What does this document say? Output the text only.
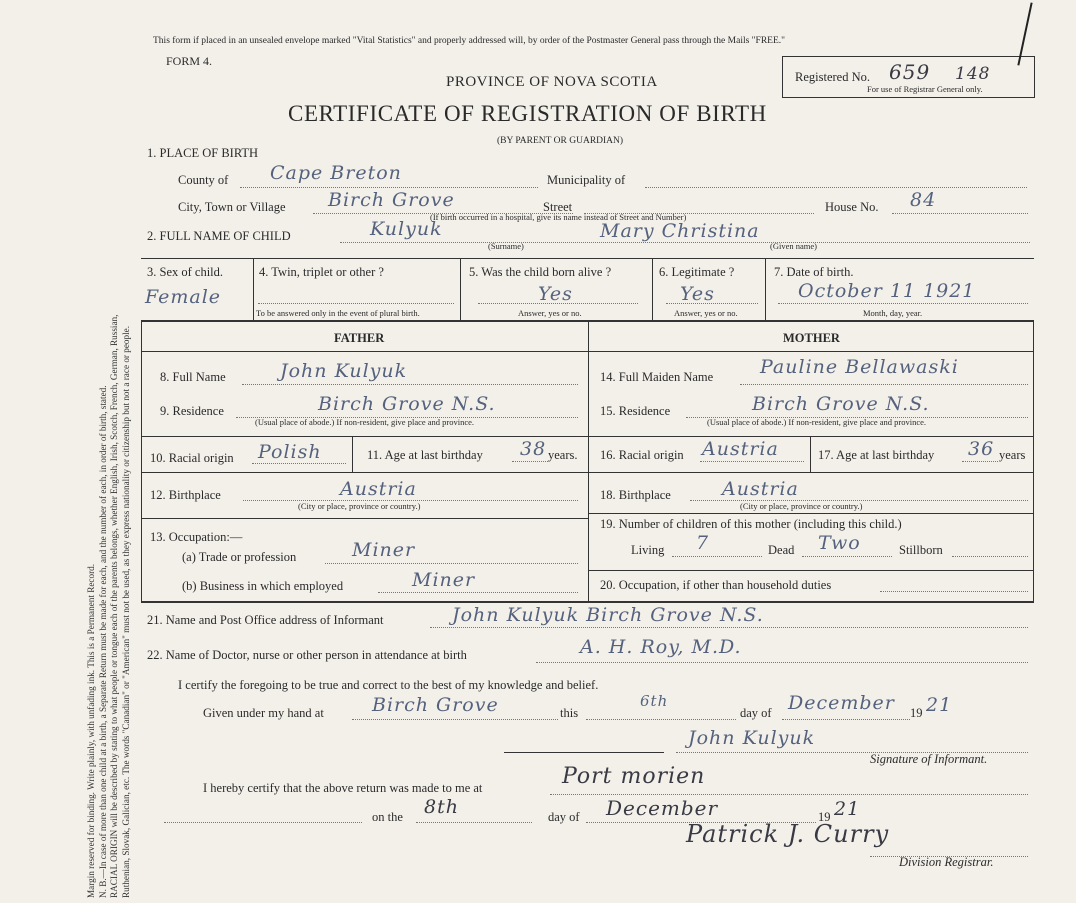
Margin reserved for binding. Write plainly, with unfading ink. This is a Permanent Record. N. B.—In case of more than one child at a birth, a Separate Return must be made for each, and the number of each, in order of birth, stated. RACIAL ORIGIN will be described by stating to what people or tongue each of the parents belongs, whether English, Irish, Scotch, French, German, Russian, Ruthenian, Slovak, Galician, etc. The words "Canadian" or "American" must not be used, as they express nationality or citizenship but not a race or people.
This form if placed in an unsealed envelope marked "Vital Statistics" and properly addressed will, by order of the Postmaster General pass through the Mails "FREE."
FORM 4.
PROVINCE OF NOVA SCOTIA
CERTIFICATE OF REGISTRATION OF BIRTH
(BY PARENT OR GUARDIAN)
Registered No. 659 148
For use of Registrar General only.
1. PLACE OF BIRTH
County of Cape Breton	Municipality of
City, Town or Village Birch Grove	Street	House No. 84
(If birth occurred in a hospital, give its name instead of Street and Number)
2. FULL NAME OF CHILD	Kulyuk
(Surname)
Mary Christina
(Given name)
3. Sex of child.
Female
4. Twin, triplet or other ?
To be answered only in the event of plural birth.
5. Was the child born alive ?
Yes
Answer, yes or no.
6. Legitimate ?
Yes
Answer, yes or no.
7. Date of birth.
October 11 1921
Month, day, year.
FATHER	MOTHER
8. Full Name	John Kulyuk
9. Residence	Birch Grove N.S.
(Usual place of abode.) If non-resident, give place and province.
10. Racial origin Polish	11. Age at last birthday 38 years.
12. Birthplace	Austria
(City or place, province or country.)
13. Occupation:—
(a) Trade or profession	Miner
(b) Business in which employed	Miner
14. Full Maiden Name Pauline Bellawaski
15. Residence	Birch Grove N.S.
(Usual place of abode.) If non-resident, give place and province.
16. Racial origin Austria	17. Age at last birthday 36 years
18. Birthplace	Austria
(City or place, province or country.)
19. Number of children of this mother (including this child.)
Living 7	Dead Two	Stillborn
20. Occupation, if other than household duties
21. Name and Post Office address of Informant	John Kulyuk Birch Grove N.S.
22. Name of Doctor, nurse or other person in attendance at birth	A. H. Roy, M.D.
I certify the foregoing to be true and correct to the best of my knowledge and belief.
Given under my hand at	Birch Grove	this
6th
day of December 19 21
John Kulyuk
Signature of Informant.
I hereby certify that the above return was made to me at	Port morien
on the 8th	day of December	19 21
Patrick J. Curry
Division Registrar.
